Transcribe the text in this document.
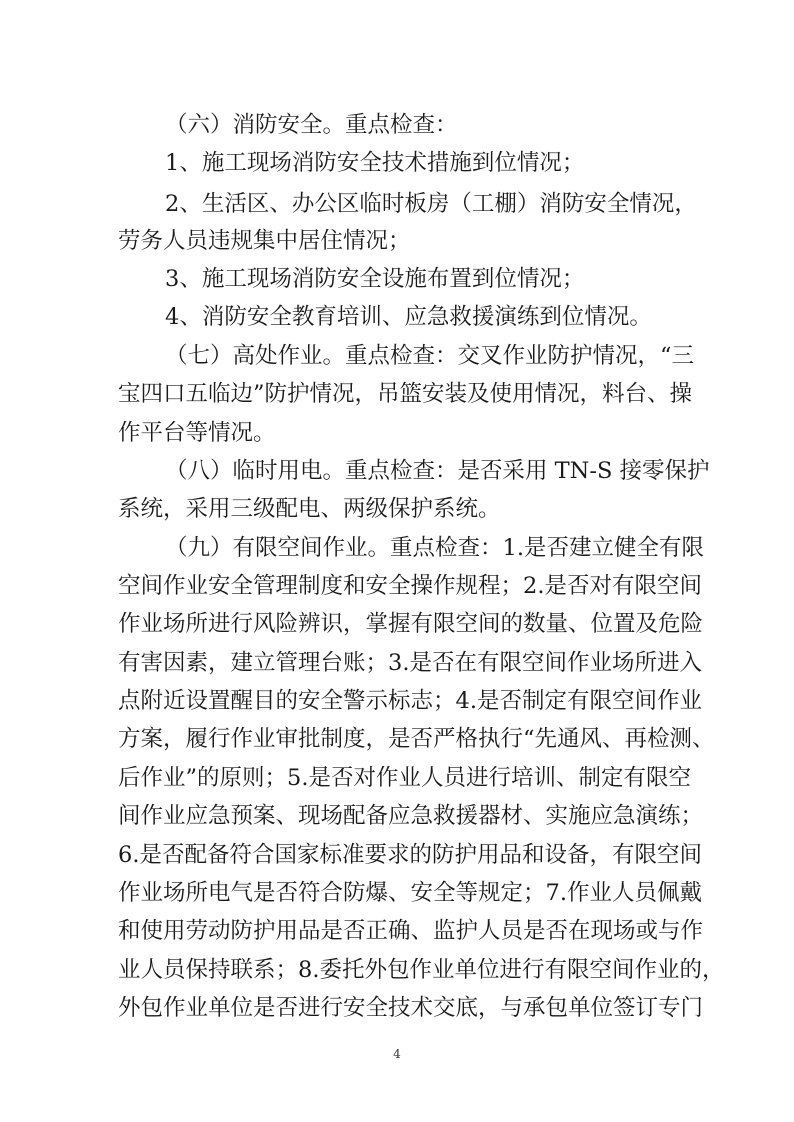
（六）消防安全。重点检查：
1、施工现场消防安全技术措施到位情况；
2、生活区、办公区临时板房（工棚）消防安全情况，
劳务人员违规集中居住情况；
3、施工现场消防安全设施布置到位情况；
4、消防安全教育培训、应急救援演练到位情况。
（七）高处作业。重点检查：交叉作业防护情况，“三
宝四口五临边”防护情况，吊篮安装及使用情况，料台、操
作平台等情况。
（八）临时用电。重点检查：是否采用 TN-S 接零保护
系统，采用三级配电、两级保护系统。
（九）有限空间作业。重点检查：1.是否建立健全有限
空间作业安全管理制度和安全操作规程；2.是否对有限空间
作业场所进行风险辨识，掌握有限空间的数量、位置及危险
有害因素，建立管理台账；3.是否在有限空间作业场所进入
点附近设置醒目的安全警示标志；4.是否制定有限空间作业
方案，履行作业审批制度，是否严格执行“先通风、再检测、
后作业”的原则；5.是否对作业人员进行培训、制定有限空
间作业应急预案、现场配备应急救援器材、实施应急演练；
6.是否配备符合国家标准要求的防护用品和设备，有限空间
作业场所电气是否符合防爆、安全等规定；7.作业人员佩戴
和使用劳动防护用品是否正确、监护人员是否在现场或与作
业人员保持联系；8.委托外包作业单位进行有限空间作业的，
外包作业单位是否进行安全技术交底，与承包单位签订专门
4
